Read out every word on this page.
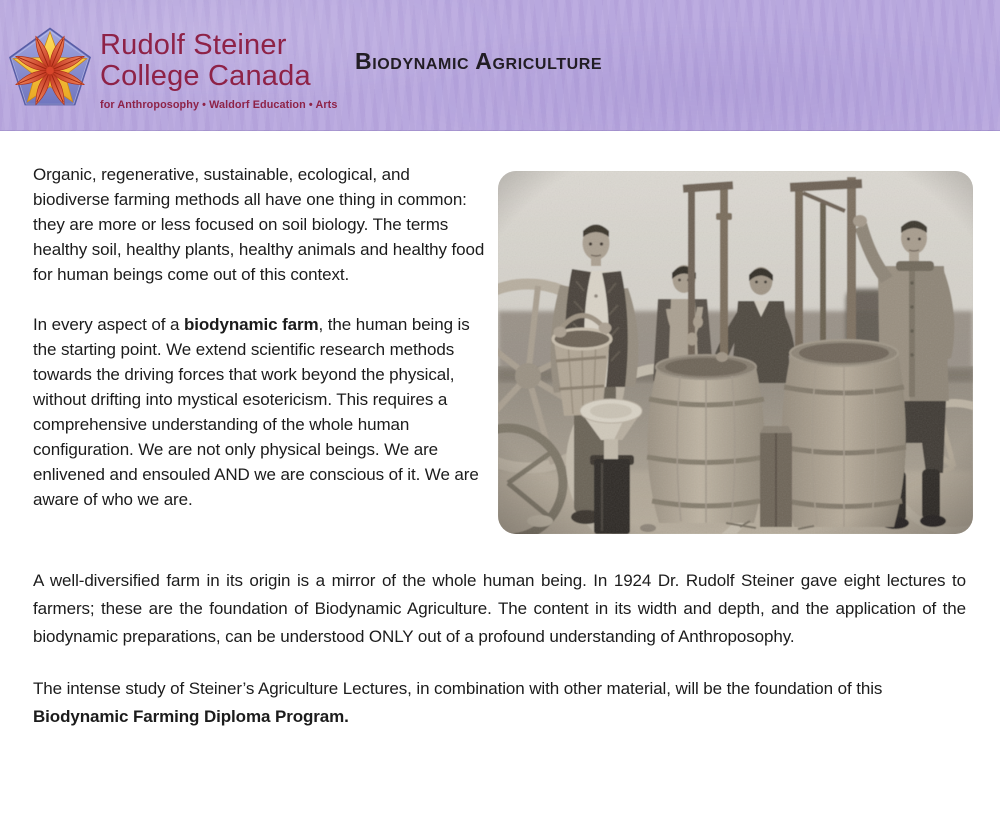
Rudolf Steiner
College Canada
for Anthroposophy • Waldorf Education • Arts
Biodynamic Agriculture

Organic, regenerative, sustainable, ecological, and biodiverse farming methods all have one thing in common: they are more or less focused on soil biology. The terms healthy soil, healthy plants, healthy animals and healthy food for human beings come out of this context.

In every aspect of a biodynamic farm, the human being is the starting point. We extend scientific research methods towards the driving forces that work beyond the physical, without drifting into mystical esotericism. This requires a comprehensive understanding of the whole human configuration. We are not only physical beings. We are enlivened and ensouled AND we are conscious of it. We are aware of who we are.

A well-diversified farm in its origin is a mirror of the whole human being. In 1924 Dr. Rudolf Steiner gave eight lectures to farmers; these are the foundation of Biodynamic Agriculture. The content in its width and depth, and the application of the biodynamic preparations, can be understood ONLY out of a profound understanding of Anthroposophy.

The intense study of Steiner’s Agriculture Lectures, in combination with other material, will be the foundation of this Biodynamic Farming Diploma Program.
